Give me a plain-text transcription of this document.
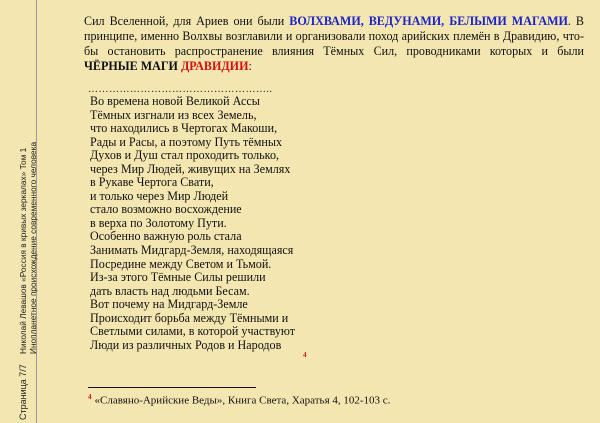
Страница 7/7
Николай Левашов «Россия в кривых зеркалах» Том 1 Инопланетное происхождение современного человека

Сил Вселенной, для Ариев они были ВОЛХВАМИ, ВЕДУНАМИ, БЕЛЫМИ МАГАМИ. В принципе, именно Волхвы возглавили и организовали поход арийских племён в Дравидию, что-бы остановить распространение влияния Тёмных Сил, проводниками которых и были ЧЁРНЫЕ МАГИ ДРАВИДИИ:

……………………………………………..
Во времена новой Великой Ассы
Тёмных изгнали из всех Земель,
что находились в Чертогах Макоши,
Рады и Расы, а поэтому Путь тёмных
Духов и Душ стал проходить только,
через Мир Людей, живущих на Землях
в Рукаве Чертога Свати,
и только через Мир Людей
стало возможно восхождение
в верха по Золотому Пути.
Особенно важную роль стала
Занимать Мидгард-Земля, находящаяся
Посредине между Светом и Тьмой.
Из-за этого Тёмные Силы решили
дать власть над людьми Бесам.
Вот почему на Мидгард-Земле
Происходит борьба между Тёмными и
Светлыми силами, в которой участвуют
Люди из различных Родов и Народов
4
$^4$ «Славяно-Арийские Веды», Книга Света, Харатья 4, 102-103 с.
